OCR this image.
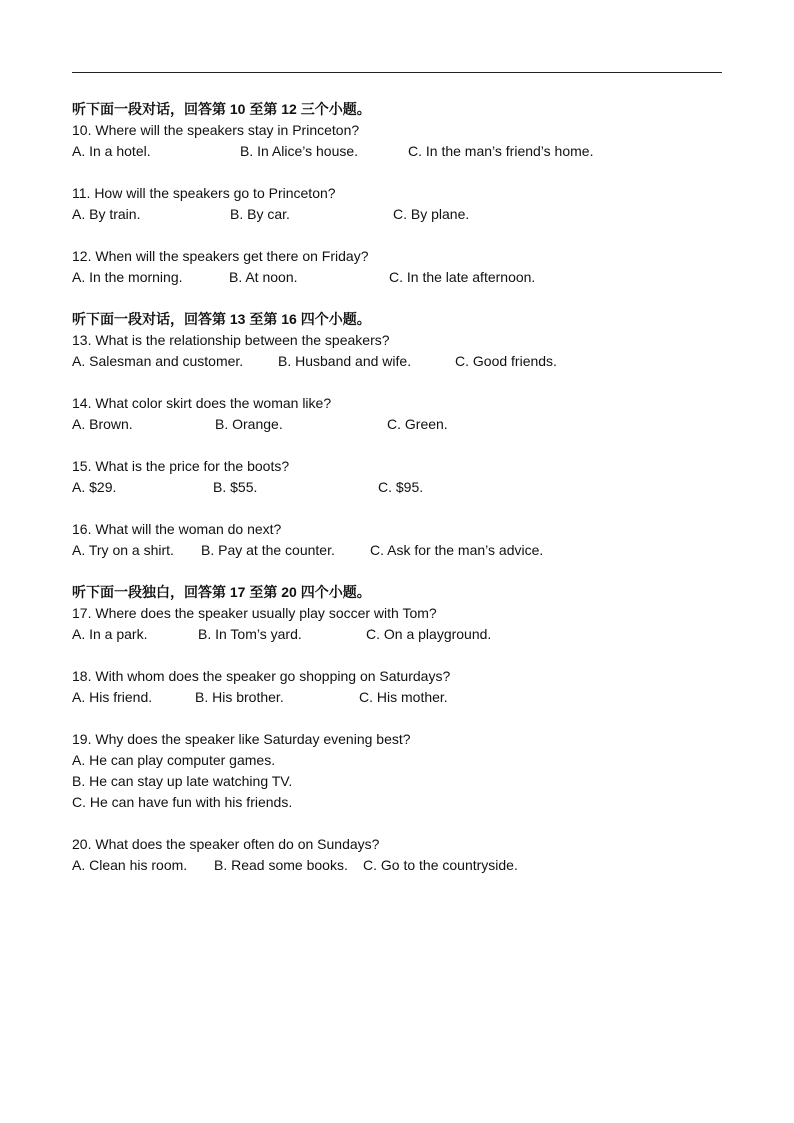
听下面一段对话，回答第 10 至第 12 三个小题。
10. Where will the speakers stay in Princeton?
A. In a hotel.	B. In Alice’s house.	C. In the man’s friend’s home.
11. How will the speakers go to Princeton?
A. By train.	B. By car.	C. By plane.
12. When will the speakers get there on Friday?
A. In the morning.	B. At noon.	C. In the late afternoon.
听下面一段对话，回答第 13 至第 16 四个小题。
13. What is the relationship between the speakers?
A. Salesman and customer. B. Husband and wife.	C. Good friends.
14. What color skirt does the woman like?
A. Brown.	B. Orange.	C. Green.
15. What is the price for the boots?
A. $29.	B. $55.	C. $95.
16. What will the woman do next?
A. Try on a shirt. B. Pay at the counter.	C. Ask for the man’s advice.
听下面一段独白，回答第 17 至第 20 四个小题。
17. Where does the speaker usually play soccer with Tom?
A. In a park.	B. In Tom’s yard.	C. On a playground.
18. With whom does the speaker go shopping on Saturdays?
A. His friend.	B. His brother.	C. His mother.
19. Why does the speaker like Saturday evening best?
A. He can play computer games.
B. He can stay up late watching TV.
C. He can have fun with his friends.
20. What does the speaker often do on Sundays?
A. Clean his room. B. Read some books. C. Go to the countryside.
